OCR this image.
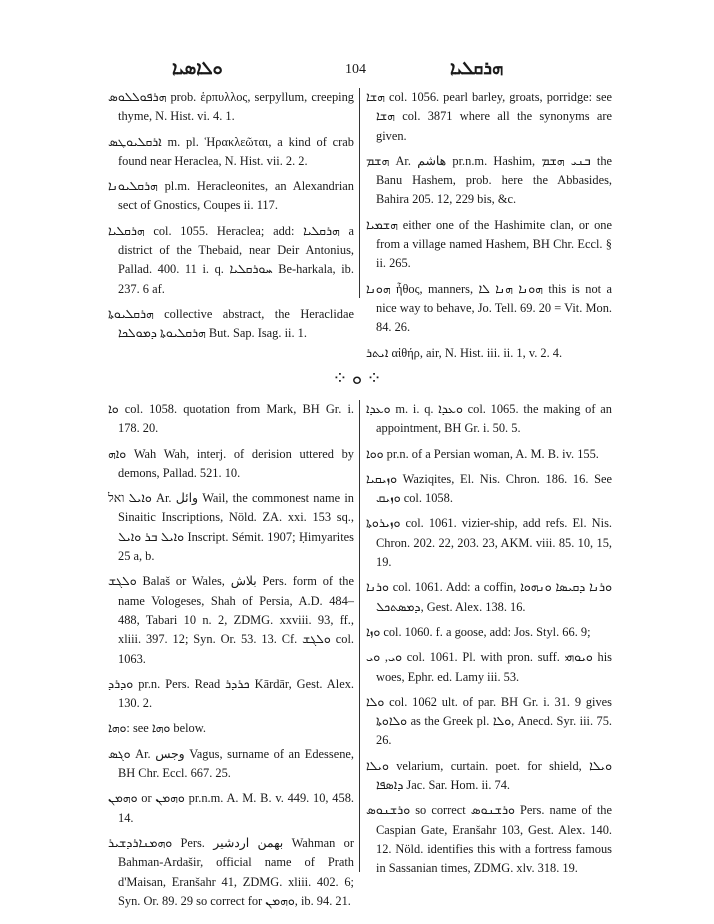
ܘܠܐܣܝܐ	104	ܗܪܩܠܝܐ

ܗܪܦܘܠܠܘܣ prob. ἑρπυλλος, serpyllum, creeping thyme, N. Hist. vi. 4. 1.

ܐܪܩܠܝܘܛܣ m. pl. Ἡρακλεῶται, a kind of crab found near Heraclea, N. Hist. vii. 2. 2.

ܗܪܩܠܝܘܢܐ pl.m. Heracleonites, an Alexandrian sect of Gnostics, Coupes ii. 117.

ܗܪܩܠܝܐ col. 1055. Heraclea; add: ܗܪܩܠܝܐ a district of the Thebaid, near Deir Antonius, Pallad. 400. 11 i. q. ܚܘܪܩܠܝܐ Be-harkala, ib. 237. 6 af.

ܗܪܩܠܝܘܬܐ collective abstract, the Heraclidae ܗܪܩܠܝܘܬܐ ܕܡܘܠܟܐ But. Sap. Isag. ii. 1.

ܗܫܐ col. 1056. pearl barley, groats, porridge: see ܗܫܐ col. 3871 where all the synonyms are given.

ܗܫܡ Ar. هاشم pr.n.m. Hashim, ܒܢܝ ܗܫܡ the Banu Hashem, prob. here the Abbasides, Bahira 205. 12, 229 bis, &c.

ܗܫܡܝܐ either one of the Hashimite clan, or one from a village named Hashem, BH Chr. Eccl. § ii. 265.

ܗܘܢܐ ἦθος, manners, ܗܘܢܐ ܗܢܐ ܠܐ this is not a nice way to behave, Jo. Tell. 69. 20 = Vit. Mon. 84. 26.

ܐܝܬܪ αἰθήρ, air, N. Hist. iii. ii. 1, v. 2. 4.

⁘ ܘ ⁘

ܘܐ col. 1058. quotation from Mark, BH Gr. i. 178. 20.

ܘܐܗ Wah Wah, interj. of derision uttered by demons, Pallad. 521. 10.

ܘܐܝܠ ואל Ar. وائل Wail, the commonest name in Sinaitic Inscriptions, Nöld. ZA. xxi. 153 sq., ܘܐܝܠ ܒܪ ܘܐܝܠ Inscript. Sémit. 1907; Ḥimyarites 25 a, b.

ܘܠܓܫ Balaš or Wales, بلاش Pers. form of the name Vologeses, Shah of Persia, A.D. 484–488, Tabari 10 n. 2, ZDMG. xxviii. 93, ff., xliii. 397. 12; Syn. Or. 53. 13. Cf. ܘܠܓܫ col. 1063.

ܘܕܪܕ pr.n. Pers. Read ܟܪܕܪ Kārdār, Gest. Alex. 130. 2.

ܘܗܐ: see ܘܗܐ below.

ܘܓܣ Ar. وجس Vagus, surname of an Edessene, BH Chr. Eccl. 667. 25.

ܘܗܡܢ or ܘܗܡܢ pr.n.m. A. M. B. v. 449. 10, 458. 14.

ܘܗܡܢܐܪܕܫܝܪ Pers. بهمن اردشير Wahman or Bahman-Ardašir, official name of Prath d'Maisan, Eranšahr 41, ZDMG. xliii. 402. 6; Syn. Or. 89. 29 so correct for ܘܗܡܢ, ib. 94. 21.

ܘܥܕܐ m. i. q. ܘܥܕܐ col. 1065. the making of an appointment, BH Gr. i. 50. 5.

ܘܘܐ pr.n. of a Persian woman, A. M. B. iv. 155.

ܘܙܝܩܝܐ Waziqites, El. Nis. Chron. 186. 16. See ܘܙܝܩ col. 1058.

ܘܙܝܪܘܬܐ col. 1061. vizier-ship, add refs. El. Nis. Chron. 202. 22, 203. 23, AKM. viii. 85. 10, 15, 19.

ܘܪܢܐ col. 1061. Add: a coffin, ܘܪܢܐ ܕܩܝܣܐ ܘܢܗܘܐ ܕܡܣܬܟܠ, Gest. Alex. 138. 16.

ܘܙܐ col. 1060. f. a goose, add: Jos. Styl. 66. 9;

ܘܝ, ܘܝ col. 1061. Pl. with pron. suff. ܘܝܘܗܝ his woes, Ephr. ed. Lamy iii. 53.

ܘܠܐ col. 1062 ult. of par. BH Gr. i. 31. 9 gives ܘܠܐܘܬܐ as the Greek pl. ܘܠܐ, Anecd. Syr. iii. 75. 26.

ܘܝܠܐ velarium, curtain. poet. for shield, ܘܝܠܐ ܕܐܣܦܐ Jac. Sar. Hom. ii. 74.

ܘܪܫܢܘܣ so correct ܘܪܫܢܘܣ Pers. name of the Caspian Gate, Eranšahr 103, Gest. Alex. 140. 12. Nöld. identifies this with a fortress famous in Sassanian times, ZDMG. xlv. 318. 19.
